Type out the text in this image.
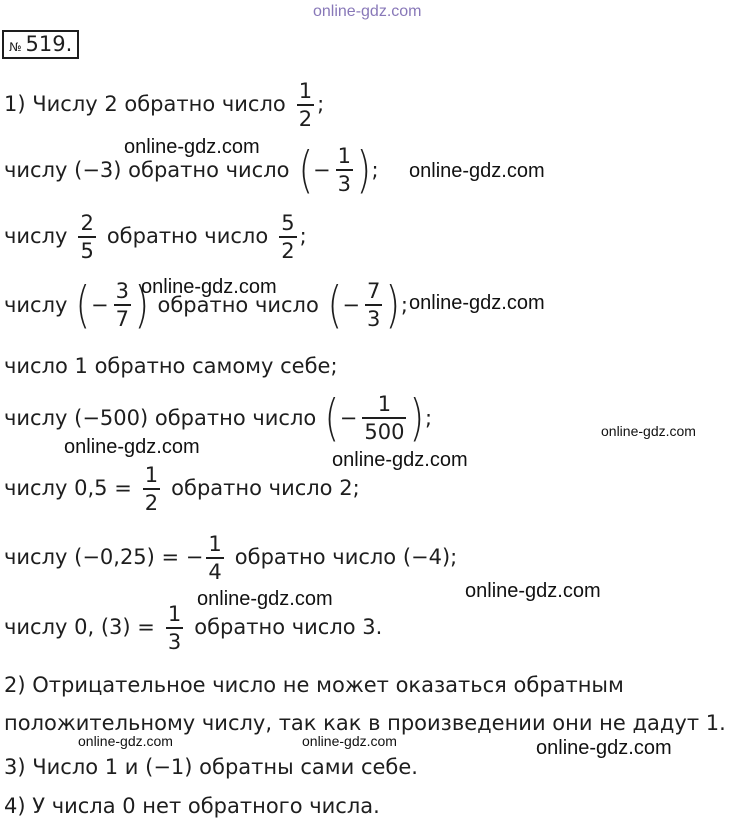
online-gdz.com
№ 519.
1) Числу 2 обратно число $\frac{1}{2}$ ;
числу (−3) обратно число ( − $\frac{1}{3}$ ) ;
числу $\frac{2}{5}$ обратно число $\frac{5}{2}$ ;
числу ( − $\frac{3}{7}$ ) обратно число ( − $\frac{7}{3}$ ) ;
число 1 обратно самому себе;
числу (−500) обратно число ( − $\frac{1}{500}$ ) ;
числу $0,5 = \frac{1}{2}$ обратно число 2;
числу (−0,25) = − $\frac{1}{4}$ обратно число (−4);
числу 0, $(3) = \frac{1}{3}$ обратно число 3.
2) Отрицательное число не может оказаться обратным
положительному числу, так как в произведении они не дадут 1.
3) Число 1 и (−1) обратны сами себе.
4) У числа 0 нет обратного числа.
online-gdz.com
online-gdz.com
online-gdz.com
online-gdz.com
online-gdz.com
online-gdz.com
online-gdz.com
online-gdz.com
online-gdz.com
online-gdz.com	online-gdz.com	online-gdz.com
